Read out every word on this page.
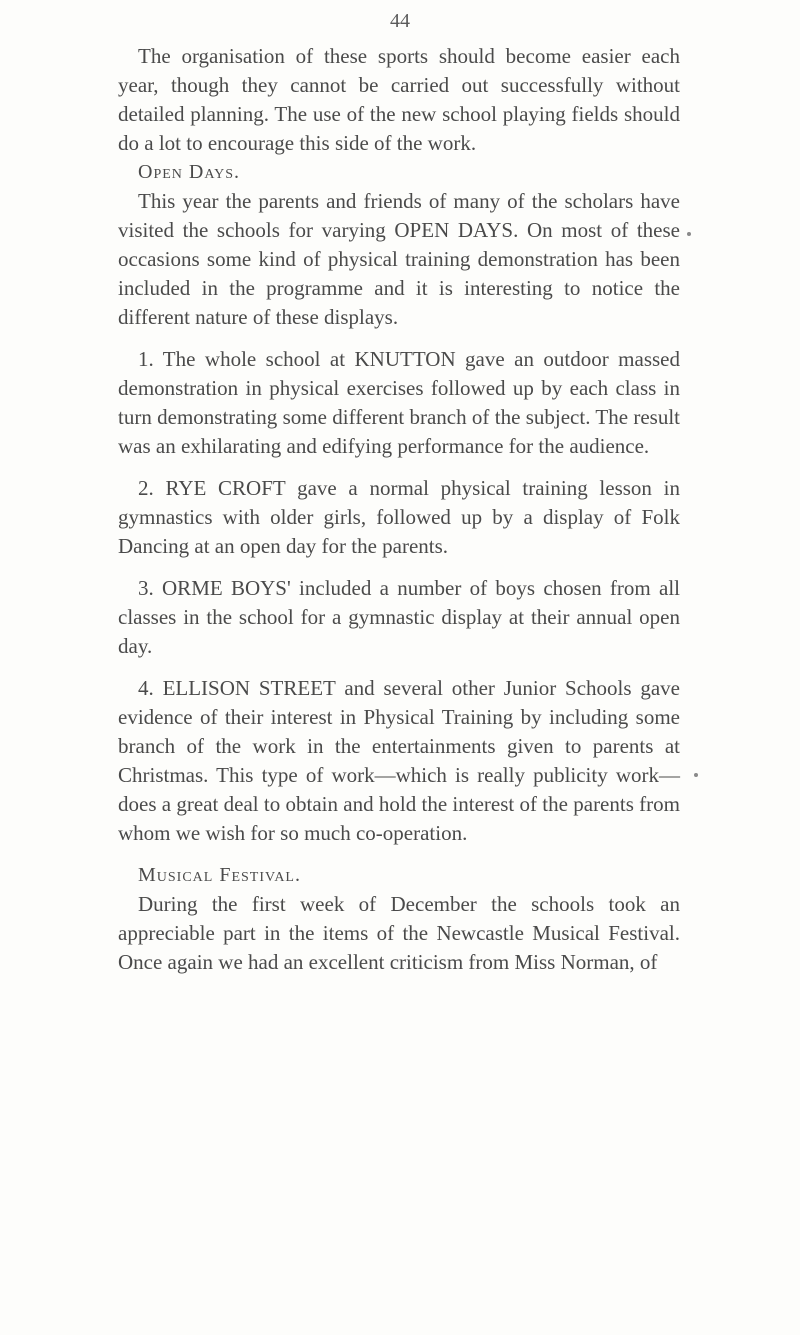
44

The organisation of these sports should become easier each year, though they cannot be carried out successfully without detailed planning. The use of the new school playing fields should do a lot to encourage this side of the work.

Open Days.

This year the parents and friends of many of the scholars have visited the schools for varying OPEN DAYS. On most of these occasions some kind of physical training demonstration has been included in the programme and it is interesting to notice the different nature of these displays.

1. The whole school at KNUTTON gave an outdoor massed demonstration in physical exercises followed up by each class in turn demonstrating some different branch of the subject. The result was an exhilarating and edifying performance for the audience.

2. RYE CROFT gave a normal physical training lesson in gymnastics with older girls, followed up by a display of Folk Dancing at an open day for the parents.

3. ORME BOYS' included a number of boys chosen from all classes in the school for a gymnastic display at their annual open day.

4. ELLISON STREET and several other Junior Schools gave evidence of their interest in Physical Training by including some branch of the work in the entertainments given to parents at Christmas. This type of work—which is really publicity work—does a great deal to obtain and hold the interest of the parents from whom we wish for so much co-operation.

Musical Festival.

During the first week of December the schools took an appreciable part in the items of the Newcastle Musical Festival. Once again we had an excellent criticism from Miss Norman, of
